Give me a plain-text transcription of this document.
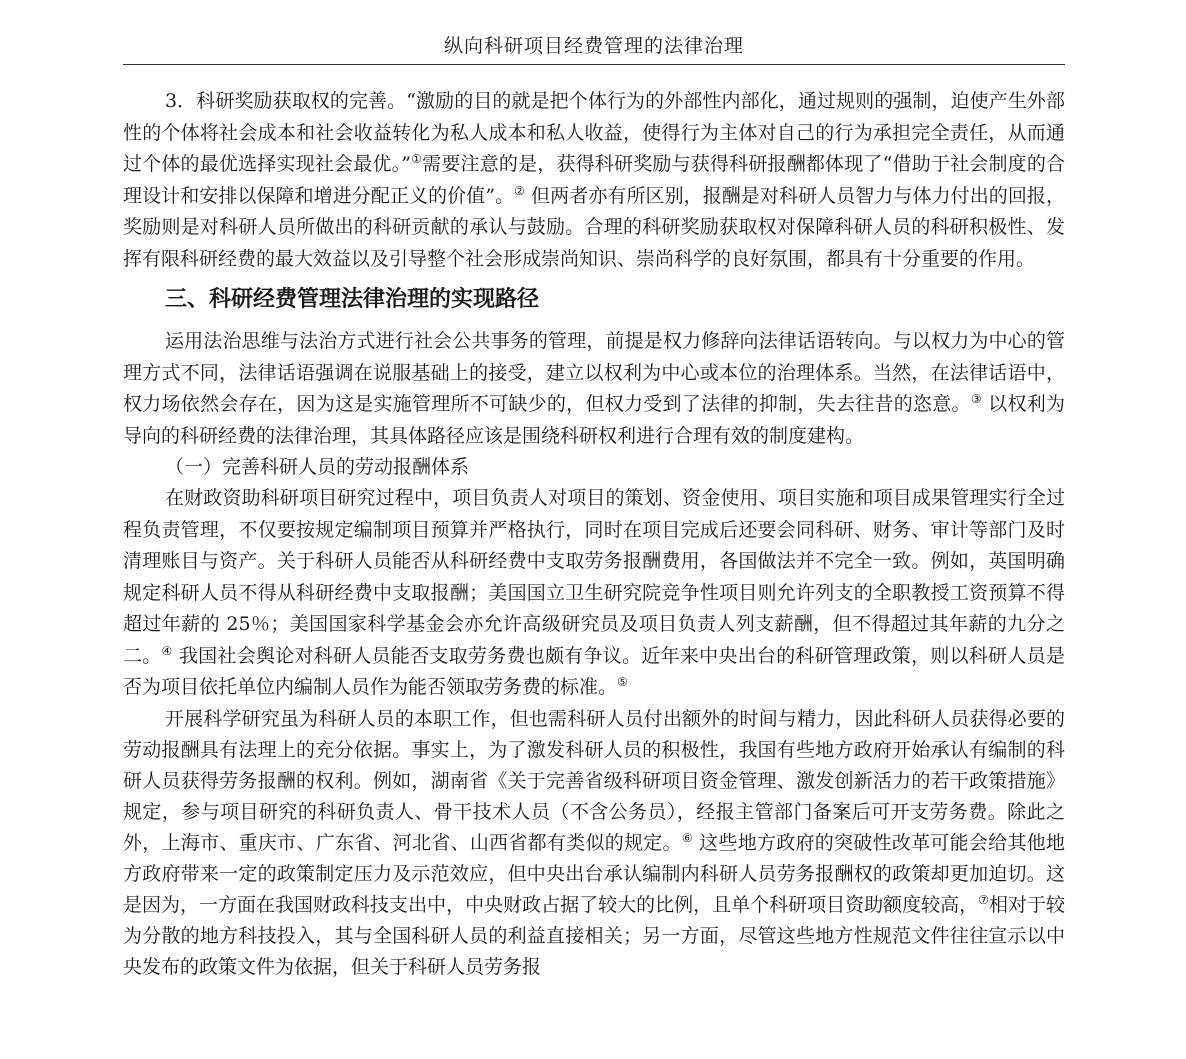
纵向科研项目经费管理的法律治理

3．科研奖励获取权的完善。“激励的目的就是把个体行为的外部性内部化，通过规则的强制，迫使产生外部性的个体将社会成本和社会收益转化为私人成本和私人收益，使得行为主体对自己的行为承担完全责任，从而通过个体的最优选择实现社会最优。”①需要注意的是，获得科研奖励与获得科研报酬都体现了“借助于社会制度的合理设计和安排以保障和增进分配正义的价值”。② 但两者亦有所区别，报酬是对科研人员智力与体力付出的回报，奖励则是对科研人员所做出的科研贡献的承认与鼓励。合理的科研奖励获取权对保障科研人员的科研积极性、发挥有限科研经费的最大效益以及引导整个社会形成崇尚知识、崇尚科学的良好氛围，都具有十分重要的作用。

三、科研经费管理法律治理的实现路径

运用法治思维与法治方式进行社会公共事务的管理，前提是权力修辞向法律话语转向。与以权力为中心的管理方式不同，法律话语强调在说服基础上的接受，建立以权利为中心或本位的治理体系。当然，在法律话语中，权力场依然会存在，因为这是实施管理所不可缺少的，但权力受到了法律的抑制，失去往昔的恣意。③ 以权利为导向的科研经费的法律治理，其具体路径应该是围绕科研权利进行合理有效的制度建构。

（一）完善科研人员的劳动报酬体系

在财政资助科研项目研究过程中，项目负责人对项目的策划、资金使用、项目实施和项目成果管理实行全过程负责管理，不仅要按规定编制项目预算并严格执行，同时在项目完成后还要会同科研、财务、审计等部门及时清理账目与资产。关于科研人员能否从科研经费中支取劳务报酬费用，各国做法并不完全一致。例如，英国明确规定科研人员不得从科研经费中支取报酬；美国国立卫生研究院竞争性项目则允许列支的全职教授工资预算不得超过年薪的 25％；美国国家科学基金会亦允许高级研究员及项目负责人列支薪酬，但不得超过其年薪的九分之二。④ 我国社会舆论对科研人员能否支取劳务费也颇有争议。近年来中央出台的科研管理政策，则以科研人员是否为项目依托单位内编制人员作为能否领取劳务费的标准。⑤

开展科学研究虽为科研人员的本职工作，但也需科研人员付出额外的时间与精力，因此科研人员获得必要的劳动报酬具有法理上的充分依据。事实上，为了激发科研人员的积极性，我国有些地方政府开始承认有编制的科研人员获得劳务报酬的权利。例如，湖南省《关于完善省级科研项目资金管理、激发创新活力的若干政策措施》规定，参与项目研究的科研负责人、骨干技术人员（不含公务员），经报主管部门备案后可开支劳务费。除此之外，上海市、重庆市、广东省、河北省、山西省都有类似的规定。⑥ 这些地方政府的突破性改革可能会给其他地方政府带来一定的政策制定压力及示范效应，但中央出台承认编制内科研人员劳务报酬权的政策却更加迫切。这是因为，一方面在我国财政科技支出中，中央财政占据了较大的比例，且单个科研项目资助额度较高，⑦相对于较为分散的地方科技投入，其与全国科研人员的利益直接相关；另一方面，尽管这些地方性规范文件往往宣示以中央发布的政策文件为依据，但关于科研人员劳务报
